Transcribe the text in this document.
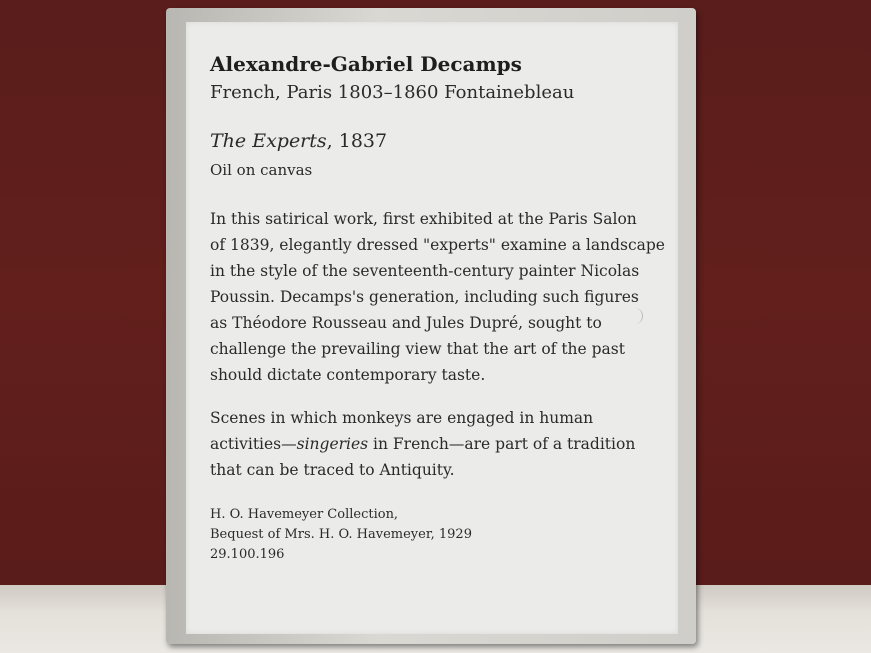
Alexandre-Gabriel Decamps
French, Paris 1803–1860 Fontainebleau
The Experts, 1837
Oil on canvas
In this satirical work, first exhibited at the Paris Salon
of 1839, elegantly dressed "experts" examine a landscape
in the style of the seventeenth-century painter Nicolas
Poussin. Decamps's generation, including such figures
as Théodore Rousseau and Jules Dupré, sought to
challenge the prevailing view that the art of the past
should dictate contemporary taste.
Scenes in which monkeys are engaged in human
activities—singeries in French—are part of a tradition
that can be traced to Antiquity.
H. O. Havemeyer Collection,
Bequest of Mrs. H. O. Havemeyer, 1929
29.100.196
